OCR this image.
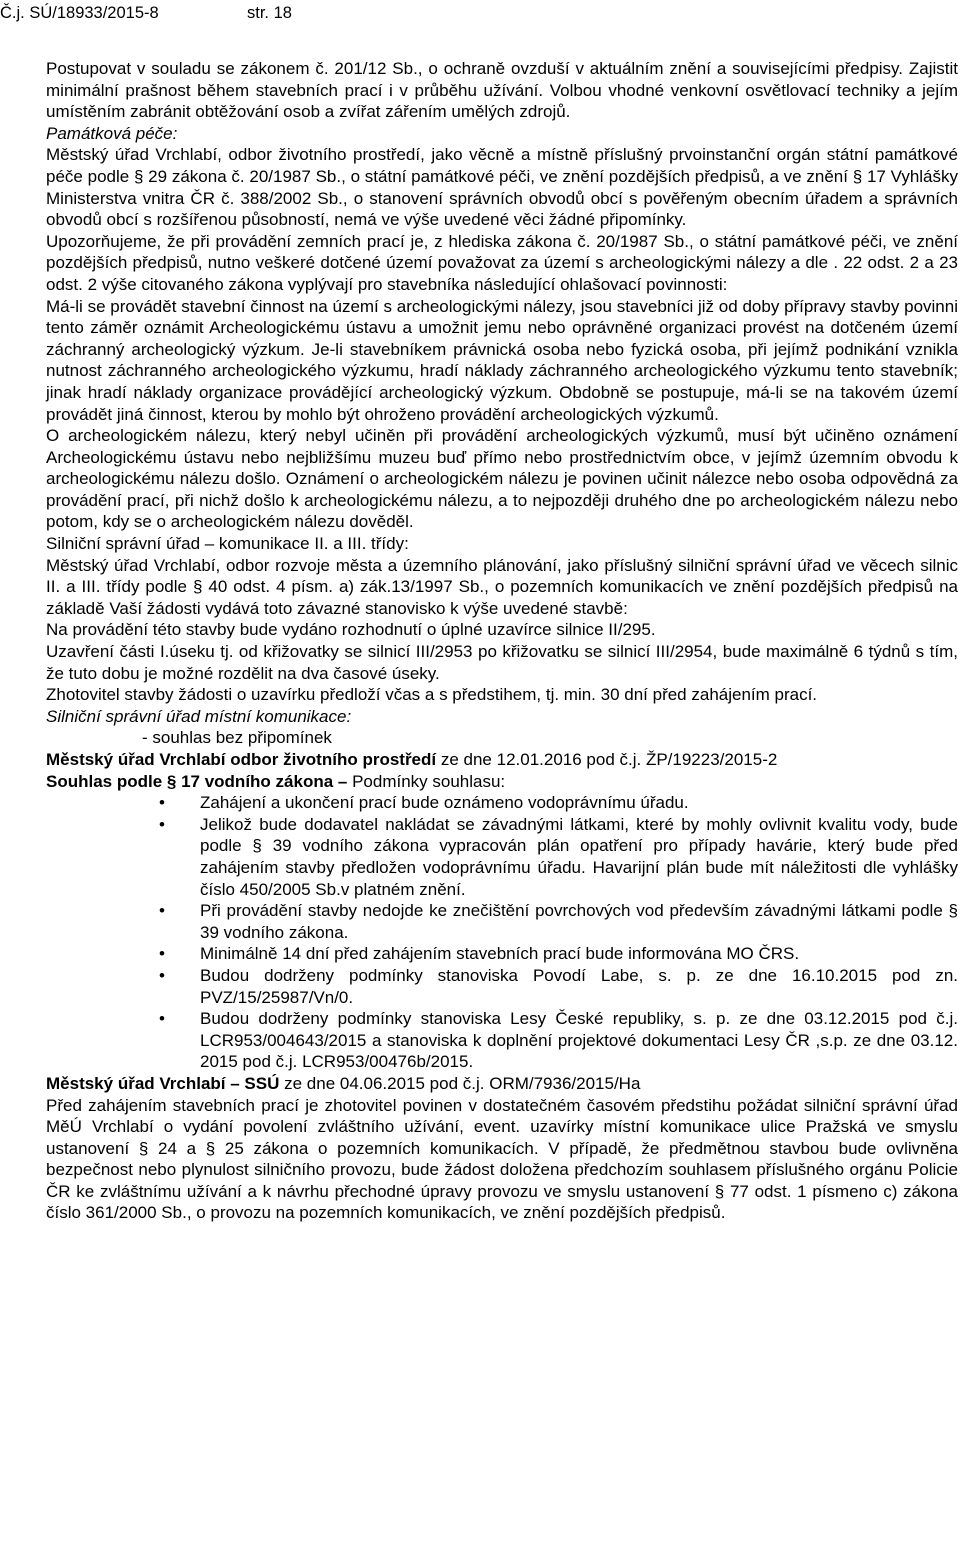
Č.j. SÚ/18933/2015-8	str. 18

Postupovat v souladu se zákonem č. 201/12 Sb., o ochraně ovzduší v aktuálním znění a souvisejícími předpisy. Zajistit minimální prašnost během stavebních prací i v průběhu užívání. Volbou vhodné venkovní osvětlovací techniky a jejím umístěním zabránit obtěžování osob a zvířat zářením umělých zdrojů.

Památková péče:

Městský úřad Vrchlabí, odbor životního prostředí, jako věcně a místně příslušný prvoinstanční orgán státní památkové péče podle § 29 zákona č. 20/1987 Sb., o státní památkové péči, ve znění pozdějších předpisů, a ve znění § 17 Vyhlášky Ministerstva vnitra ČR č. 388/2002 Sb., o stanovení správních obvodů obcí s pověřeným obecním úřadem a správních obvodů obcí s rozšířenou působností, nemá ve výše uvedené věci žádné připomínky.

Upozorňujeme, že při provádění zemních prací je, z hlediska zákona č. 20/1987 Sb., o státní památkové péči, ve znění pozdějších předpisů, nutno veškeré dotčené území považovat za území s archeologickými nálezy a dle . 22 odst. 2 a 23 odst. 2 výše citovaného zákona vyplývají pro stavebníka následující ohlašovací povinnosti:

Má-li se provádět stavební činnost na území s archeologickými nálezy, jsou stavebníci již od doby přípravy stavby povinni tento záměr oznámit Archeologickému ústavu a umožnit jemu nebo oprávněné organizaci provést na dotčeném území záchranný archeologický výzkum. Je-li stavebníkem právnická osoba nebo fyzická osoba, při jejímž podnikání vznikla nutnost záchranného archeologického výzkumu, hradí náklady záchranného archeologického výzkumu tento stavebník; jinak hradí náklady organizace provádějící archeologický výzkum. Obdobně se postupuje, má-li se na takovém území provádět jiná činnost, kterou by mohlo být ohroženo provádění archeologických výzkumů.

O archeologickém nálezu, který nebyl učiněn při provádění archeologických výzkumů, musí být učiněno oznámení Archeologickému ústavu nebo nejbližšímu muzeu buď přímo nebo prostřednictvím obce, v jejímž územním obvodu k archeologickému nálezu došlo. Oznámení o archeologickém nálezu je povinen učinit nálezce nebo osoba odpovědná za provádění prací, při nichž došlo k archeologickému nálezu, a to nejpozději druhého dne po archeologickém nálezu nebo potom, kdy se o archeologickém nálezu dověděl.

Silniční správní úřad – komunikace II. a III. třídy:

Městský úřad Vrchlabí, odbor rozvoje města a územního plánování, jako příslušný silniční správní úřad ve věcech silnic II. a III. třídy podle § 40 odst. 4 písm. a) zák.13/1997 Sb., o pozemních komunikacích ve znění pozdějších předpisů na základě Vaší žádosti vydává toto závazné stanovisko k výše uvedené stavbě:

Na provádění této stavby bude vydáno rozhodnutí o úplné uzavírce silnice II/295.

Uzavření části I.úseku tj. od křižovatky se silnicí III/2953 po křižovatku se silnicí III/2954, bude maximálně 6 týdnů s tím, že tuto dobu je možné rozdělit na dva časové úseky.

Zhotovitel stavby žádosti o uzavírku předloží včas a s předstihem, tj. min. 30 dní před zahájením prací.

Silniční správní úřad místní komunikace:

- souhlas bez připomínek

Městský úřad Vrchlabí odbor životního prostředí ze dne 12.01.2016 pod č.j. ŽP/19223/2015-2

Souhlas podle § 17 vodního zákona – Podmínky souhlasu:

• Zahájení a ukončení prací bude oznámeno vodoprávnímu úřadu.
• Jelikož bude dodavatel nakládat se závadnými látkami, které by mohly ovlivnit kvalitu vody, bude podle § 39 vodního zákona vypracován plán opatření pro případy havárie, který bude před zahájením stavby předložen vodoprávnímu úřadu. Havarijní plán bude mít náležitosti dle vyhlášky číslo 450/2005 Sb.v platném znění.
• Při provádění stavby nedojde ke znečištění povrchových vod především závadnými látkami podle § 39 vodního zákona.
• Minimálně 14 dní před zahájením stavebních prací bude informována MO ČRS.
• Budou dodrženy podmínky stanoviska Povodí Labe, s. p. ze dne 16.10.2015 pod zn. PVZ/15/25987/Vn/0.
• Budou dodrženy podmínky stanoviska Lesy České republiky, s. p. ze dne 03.12.2015 pod č.j. LCR953/004643/2015 a stanoviska k doplnění projektové dokumentaci Lesy ČR ,s.p. ze dne 03.12. 2015 pod č.j. LCR953/00476b/2015.

Městský úřad Vrchlabí – SSÚ ze dne 04.06.2015 pod č.j. ORM/7936/2015/Ha

Před zahájením stavebních prací je zhotovitel povinen v dostatečném časovém předstihu požádat silniční správní úřad MěÚ Vrchlabí o vydání povolení zvláštního užívání, event. uzavírky místní komunikace ulice Pražská ve smyslu ustanovení § 24 a § 25 zákona o pozemních komunikacích. V případě, že předmětnou stavbou bude ovlivněna bezpečnost nebo plynulost silničního provozu, bude žádost doložena předchozím souhlasem příslušného orgánu Policie ČR ke zvláštnímu užívání a k návrhu přechodné úpravy provozu ve smyslu ustanovení § 77 odst. 1 písmeno c) zákona číslo 361/2000 Sb., o provozu na pozemních komunikacích, ve znění pozdějších předpisů.
